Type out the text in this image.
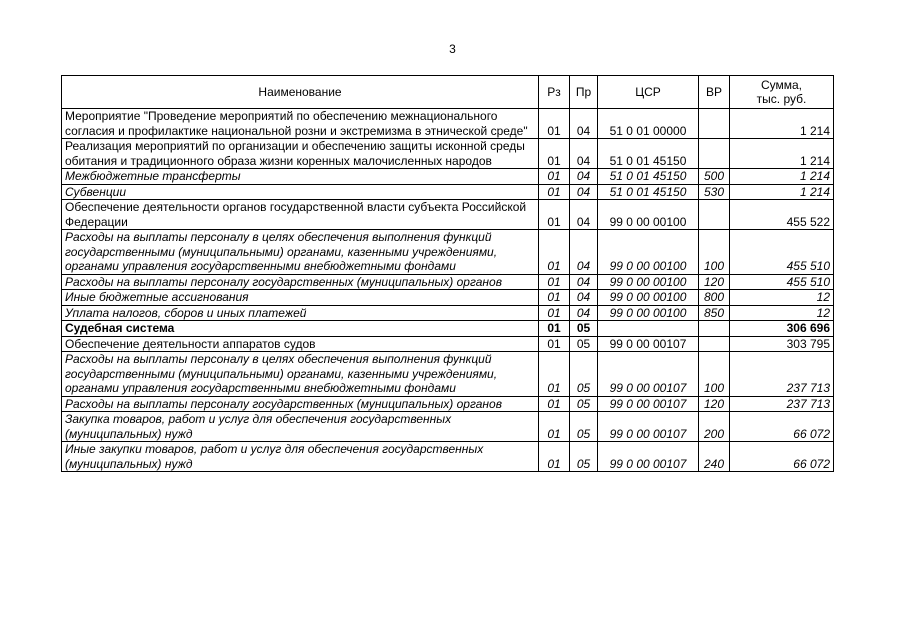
3
Наименование	Рз	Пр	ЦСР	ВР	Сумма,
тыс. руб.

Мероприятие "Проведение мероприятий по обеспечению межнационального согласия и профилактике национальной розни и экстремизма в этнической среде"	01	04	51 0 01 00000		1 214
Реализация мероприятий по организации и обеспечению защиты исконной среды обитания и традиционного образа жизни коренных малочисленных народов	01	04	51 0 01 45150		1 214
Межбюджетные трансферты	01	04	51 0 01 45150	500	1 214
Субвенции	01	04	51 0 01 45150	530	1 214
Обеспечение деятельности органов государственной власти субъекта Российской Федерации	01	04	99 0 00 00100		455 522
Расходы на выплаты персоналу в целях обеспечения выполнения функций государственными (муниципальными) органами, казенными учреждениями, органами управления государственными внебюджетными фондами	01	04	99 0 00 00100	100	455 510
Расходы на выплаты персоналу государственных (муниципальных) органов	01	04	99 0 00 00100	120	455 510
Иные бюджетные ассигнования	01	04	99 0 00 00100	800	12
Уплата налогов, сборов и иных платежей	01	04	99 0 00 00100	850	12
Судебная система	01	05			306 696
Обеспечение деятельности аппаратов судов	01	05	99 0 00 00107		303 795
Расходы на выплаты персоналу в целях обеспечения выполнения функций государственными (муниципальными) органами, казенными учреждениями, органами управления государственными внебюджетными фондами	01	05	99 0 00 00107	100	237 713
Расходы на выплаты персоналу государственных (муниципальных) органов	01	05	99 0 00 00107	120	237 713
Закупка товаров, работ и услуг для обеспечения государственных (муниципальных) нужд	01	05	99 0 00 00107	200	66 072
Иные закупки товаров, работ и услуг для обеспечения государственных (муниципальных) нужд	01	05	99 0 00 00107	240	66 072
